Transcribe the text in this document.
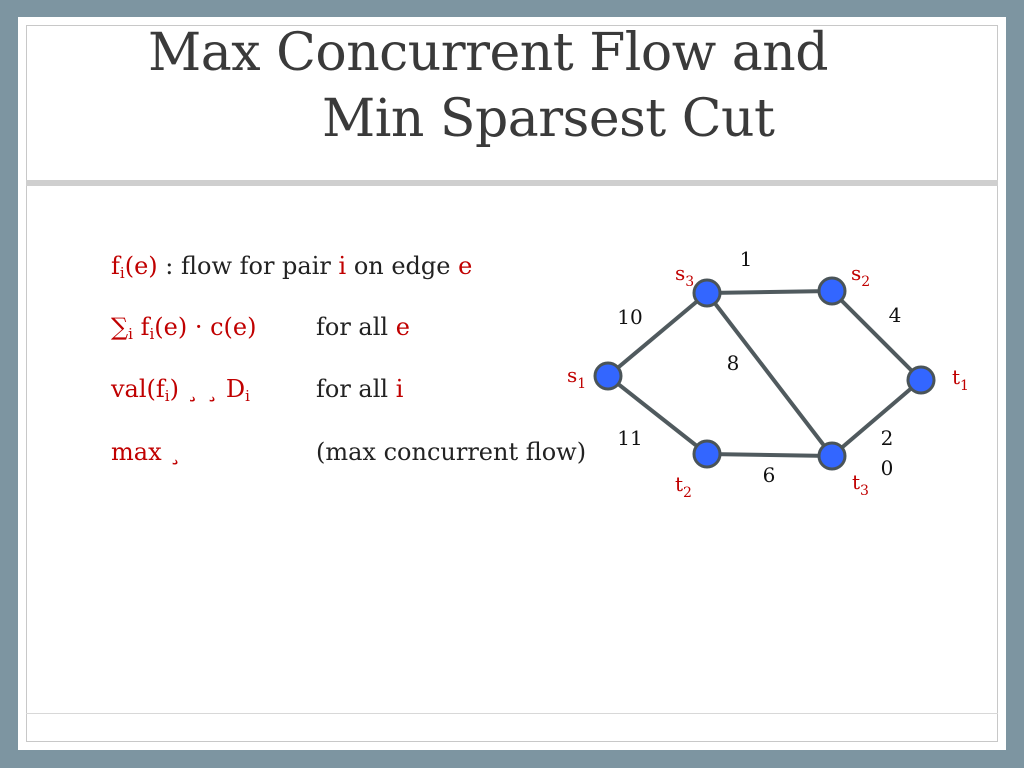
Max Concurrent Flow and
Min Sparsest Cut
$f_i(e)$ : flow for pair i on edge e
$\sum_i$ $f_i(e) \cdot c(e)$ for all e
$val(f_i)$ ¸ ¸ $D_i$	for all i
max ¸	(max concurrent flow)
10
1
4
8
11
6
2 0
$s_1$
$s_3$	$s_2$
$t_1$
$t_2$	$t_3$
